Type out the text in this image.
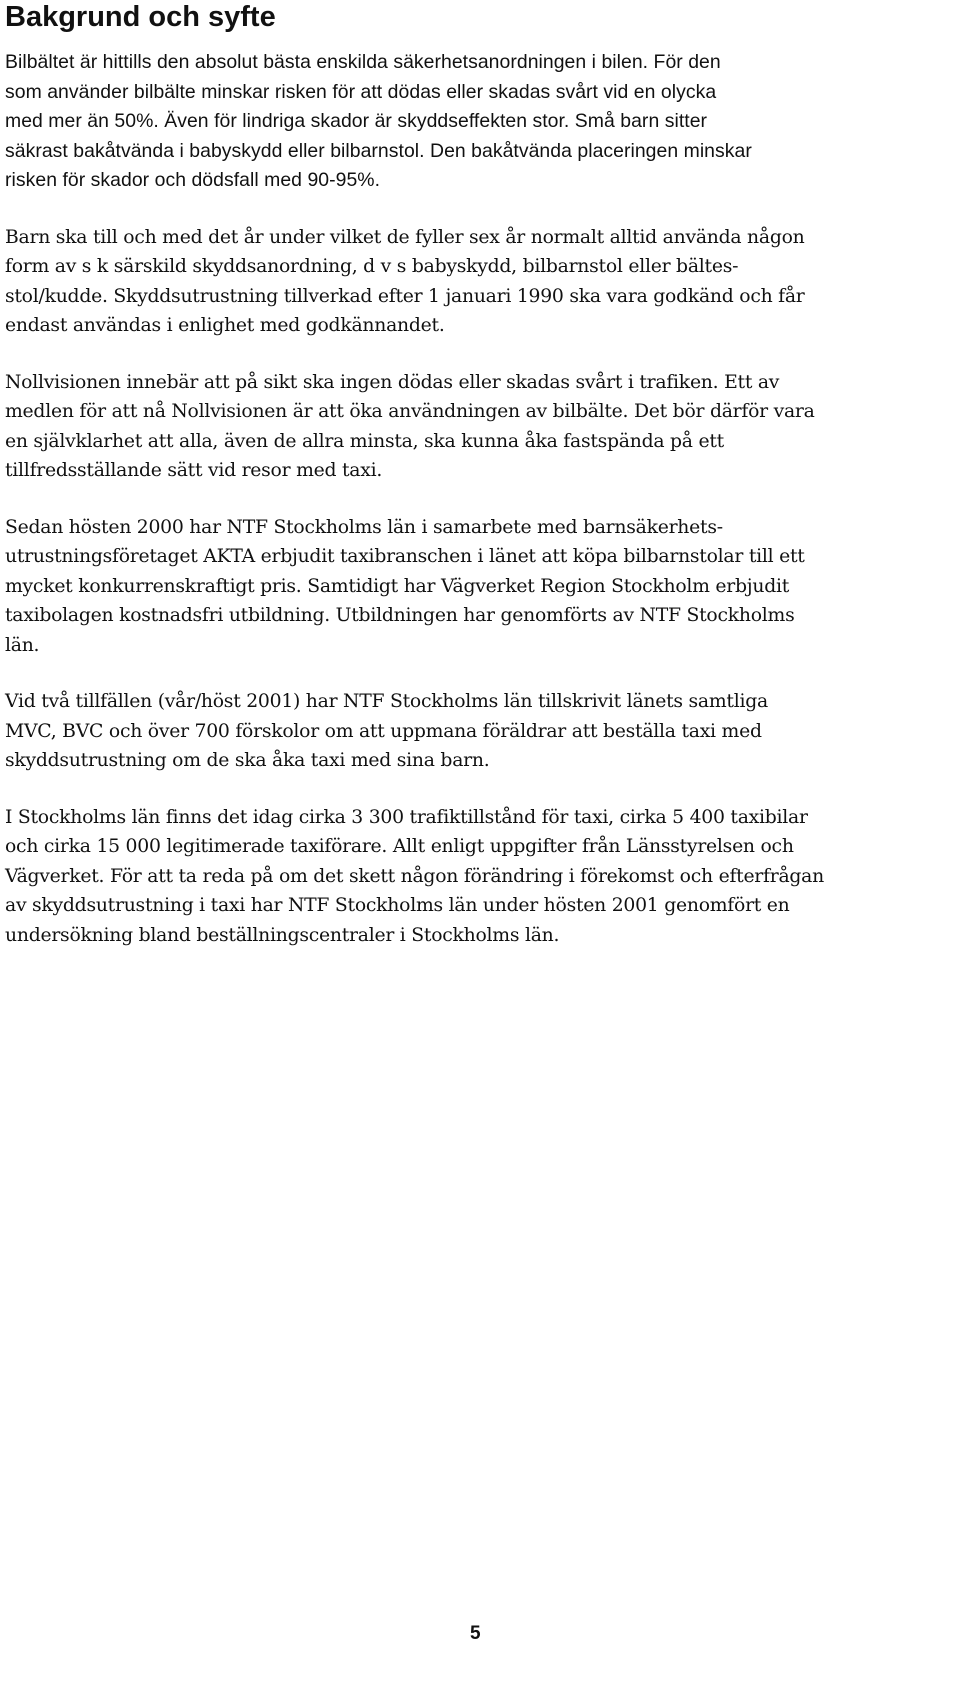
Bakgrund och syfte

Bilbältet är hittills den absolut bästa enskilda säkerhetsanordningen i bilen. För den
som använder bilbälte minskar risken för att dödas eller skadas svårt vid en olycka
med mer än 50%. Även för lindriga skador är skyddseffekten stor. Små barn sitter
säkrast bakåtvända i babyskydd eller bilbarnstol. Den bakåtvända placeringen minskar
risken för skador och dödsfall med 90-95%.

Barn ska till och med det år under vilket de fyller sex år normalt alltid använda någon
form av s k särskild skyddsanordning, d v s babyskydd, bilbarnstol eller bältes-
stol/kudde. Skyddsutrustning tillverkad efter 1 januari 1990 ska vara godkänd och får
endast användas i enlighet med godkännandet.

Nollvisionen innebär att på sikt ska ingen dödas eller skadas svårt i trafiken. Ett av
medlen för att nå Nollvisionen är att öka användningen av bilbälte. Det bör därför vara
en självklarhet att alla, även de allra minsta, ska kunna åka fastspända på ett
tillfredsställande sätt vid resor med taxi.

Sedan hösten 2000 har NTF Stockholms län i samarbete med barnsäkerhets-
utrustningsföretaget AKTA erbjudit taxibranschen i länet att köpa bilbarnstolar till ett
mycket konkurrenskraftigt pris. Samtidigt har Vägverket Region Stockholm erbjudit
taxibolagen kostnadsfri utbildning. Utbildningen har genomförts av NTF Stockholms
län.

Vid två tillfällen (vår/höst 2001) har NTF Stockholms län tillskrivit länets samtliga
MVC, BVC och över 700 förskolor om att uppmana föräldrar att beställa taxi med
skyddsutrustning om de ska åka taxi med sina barn.

I Stockholms län finns det idag cirka 3 300 trafiktillstånd för taxi, cirka 5 400 taxibilar
och cirka 15 000 legitimerade taxiförare. Allt enligt uppgifter från Länsstyrelsen och
Vägverket. För att ta reda på om det skett någon förändring i förekomst och efterfrågan
av skyddsutrustning i taxi har NTF Stockholms län under hösten 2001 genomfört en
undersökning bland beställningscentraler i Stockholms län.

5
